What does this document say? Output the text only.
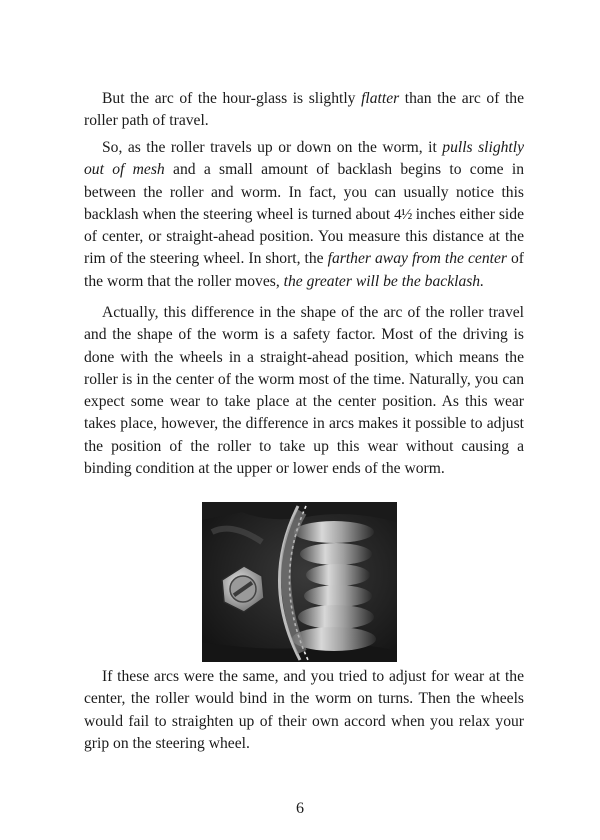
But the arc of the hour-glass is slightly flatter than the arc of the roller path of travel.

So, as the roller travels up or down on the worm, it pulls slightly out of mesh and a small amount of backlash begins to come in between the roller and worm. In fact, you can usually notice this backlash when the steering wheel is turned about 4½ inches either side of center, or straight-ahead position. You measure this distance at the rim of the steering wheel. In short, the farther away from the center of the worm that the roller moves, the greater will be the backlash.

Actually, this difference in the shape of the arc of the roller travel and the shape of the worm is a safety factor. Most of the driving is done with the wheels in a straight-ahead position, which means the roller is in the center of the worm most of the time. Naturally, you can expect some wear to take place at the center position. As this wear takes place, however, the difference in arcs makes it possible to adjust the position of the roller to take up this wear without causing a binding condition at the upper or lower ends of the worm.

If these arcs were the same, and you tried to adjust for wear at the center, the roller would bind in the worm on turns. Then the wheels would fail to straighten up of their own accord when you relax your grip on the steering wheel.

6
